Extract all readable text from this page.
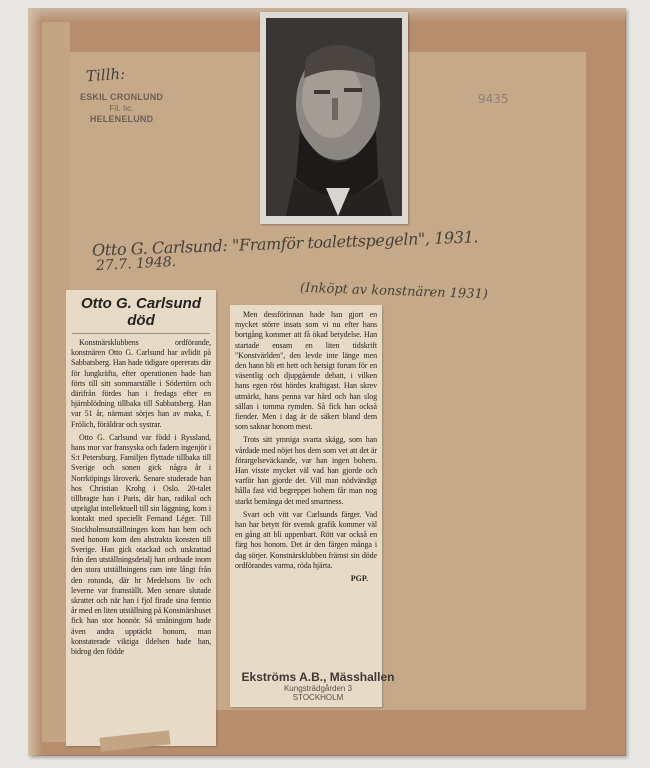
Tillh:
ESKIL CRONLUND
Fil. lic.
HELENELUND
9435
Otto G. Carlsund: "Framför toalettspegeln", 1931.
27.7. 1948.
(Inköpt av konstnären 1931)
Otto G. Carlsund död

Konstnärsklubbens ordförande, konstnären Otto G. Carlsund har avlidit på Sabbatsberg. Han hade tidigare opererats där för lungkräfta, efter operationen hade han förts till sitt sommarställe i Södertörn och därifrån fördes han i fredags efter en hjärnblödning tillbaka till Sabbatsberg. Han var 51 år, närmast sörjes han av maka, f. Frölich, föräldrar och systrar.

Otto G. Carlsund var född i Ryssland, hans mor var fransyska och fadern ingenjör i S:t Petersburg. Familjen flyttade tillbaka till Sverige och sonen gick några år i Norrköpings läroverk. Senare studerade han hos Christian Krohg i Oslo. 20-talet tillbragte han i Paris, där han, radikal och utpräglat intellektuell till sin läggning, kom i kontakt med speciellt Fernand Léger. Till Stockholmsutställningen kom han hem och med honom kom den abstrakta konsten till Sverige. Han gick otackad och utskrattad från den utställningsdetalj han ordnade inom den stora utställningens ram inte långt från den rotunda, där hr Medelsons liv och leverne var framställt. Men senare slutade skrattet och när han i fjol firade sina femtio år med en liten utställning på Konstnärshuset fick han stor honnör. Så småningom hade även andra upptäckt honom, man konstaterade viktiga ildelsen hade han, bidrog den födde

Men dessförinnan hade han gjort en mycket större insats som vi nu efter hans bortgång kommer att få ökad betydelse. Han startade ensam en liten tidskrift "Konstvärlden", den levde inte länge men den hann bli ett hett och hetsigt forum för en väsentlig och djupgående debatt, i vilken hans egen röst hördes kraftigast. Han skrev utmärkt, hans penna var hård och han slog sällan i tomma rymden. Så fick han också fiender. Men i dag är de säkert bland dem som saknar honom mest.

Trots sitt ymniga svarta skägg, som han vårdade med nöjet hos dem som vet att det är förargelseväckande, var han ingen bohem. Han visste mycket väl vad han gjorde och varför han gjorde det. Vill man nödvändigt hålla fast vid begreppet bohem får man nog starkt bemänga det med smartness.

Svart och vitt var Carlsunds färger. Vad han har betytt för svensk grafik kommer väl en gång att bli uppenbart. Rött var också en färg hos honom. Det är den färgen många i dag sörjer. Konstnärsklubben främst sin döde ordförandes varma, röda hjärta.

PGP.
Ekströms A.B., Mässhallen
Kungsträdgården 3
STOCKHOLM
